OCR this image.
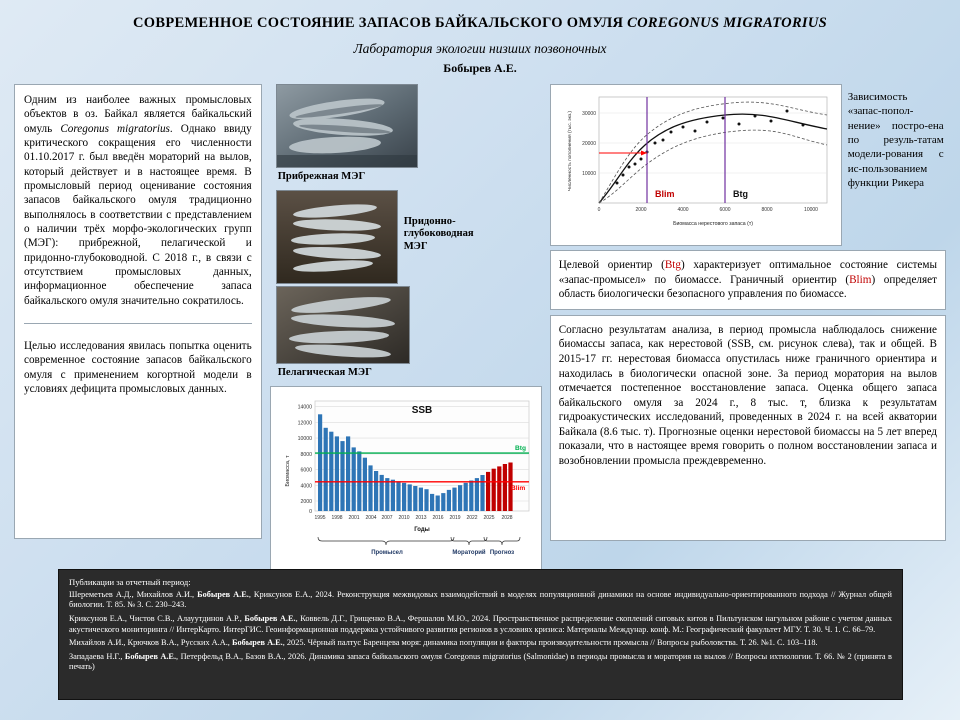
СОВРЕМЕННОЕ СОСТОЯНИЕ ЗАПАСОВ БАЙКАЛЬСКОГО ОМУЛЯ COREGONUS MIGRATORIUS
Лаборатория экологии низших позвоночных
Бобырев А.Е.
Одним из наиболее важных промысловых объектов в оз. Байкал является байкальский омуль Coregonus migratorius. Однако ввиду критического сокращения его численности 01.10.2017 г. был введён мораторий на вылов, который действует и в настоящее время. В промысловый период оценивание состояния запасов байкальского омуля традиционно выполнялось в соответствии с представлением о наличии трёх морфо-экологических групп (МЭГ): прибрежной, пелагической и придонно-глубоководной. С 2018 г., в связи с отсутствием промысловых данных, информационное обеспечение запаса байкальского омуля значительно сократилось.
Целью исследования явилась попытка оценить современное состояние запасов байкальского омуля с применением когортной модели в условиях дефицита промысловых данных.
Прибрежная МЭГ
Придонно-глубоководная МЭГ
Пелагическая МЭГ
0
2000
4000
6000
8000
10000
12000
14000
Биомасса, т
SSB
Btg
Blim
1995 1998 2001 2004 2007 2010 2013 2016 2019 2022 2025 2028
Годы
Промысел	Мораторий Прогноз
10000
20000
30000
Численность пополнения (тыс. экз.)
Blim	Btg
0	2000	4000	6000	8000	10000
Биомасса нерестового запаса (т)
Зависимость «запас-попол-нение» постро-ена по резуль-татам модели-рования с ис-пользованием функции Рикера
Целевой ориентир (Btg) характеризует оптимальное состояние системы «запас-промысел» по биомассе. Граничный ориентир (Blim) определяет область биологически безопасного управления по биомассе.
Согласно результатам анализа, в период промысла наблюдалось снижение биомассы запаса, как нерестовой (SSB, см. рисунок слева), так и общей. В 2015-17 гг. нерестовая биомасса опустилась ниже граничного ориентира и находилась в биологически опасной зоне. За период моратория на вылов отмечается постепенное восстановление запаса. Оценка общего запаса байкальского омуля за 2024 г., 8 тыс. т, близка к результатам гидроакустических исследований, проведенных в 2024 г. на всей акватории Байкала (8.6 тыс. т). Прогнозные оценки нерестовой биомассы на 5 лет вперед показали, что в настоящее время говорить о полном восстановлении запаса и возобновлении промысла преждевременно.
Публикации за отчетный период:

Шереметьев А.Д., Михайлов А.И., Бобырев А.Е., Криксунов Е.А., 2024. Реконструкция межвидовых взаимодействий в моделях популяционной динамики на основе индивидуально-ориентированного подхода // Журнал общей биологии. Т. 85. № 3. С. 230–243.

Криксунов Е.А., Чистов С.В., Алауутдинов А.Р., Бобырев А.Е., Коввель Д.Г., Грищенко В.А., Фершалов М.Ю., 2024. Пространственное распределение скоплений сиговых китов в Пильтунском нагульном районе с учетом данных акустического мониторинга // ИнтерКарто. ИнтерГИС. Геоинформационная поддержка устойчивого развития регионов в условиях кризиса: Материалы Междунар. конф. М.: Географический факультет МГУ. Т. 30. Ч. 1. С. 66–79.

Михайлов А.И., Крючков В.А., Русских А.А., Бобырев А.Е., 2025. Чёрный палтус Баренцева моря: динамика популяции и факторы производительности промысла // Вопросы рыболовства. Т. 26. №1. С. 103–118.

Западаева Н.Г., Бобырев А.Е., Петерфельд В.А., Базов В.А., 2026. Динамика запаса байкальского омуля Coregonus migratorius (Salmonidae) в периоды промысла и моратория на вылов // Вопросы ихтиологии. Т. 66. № 2 (принята в печать)
